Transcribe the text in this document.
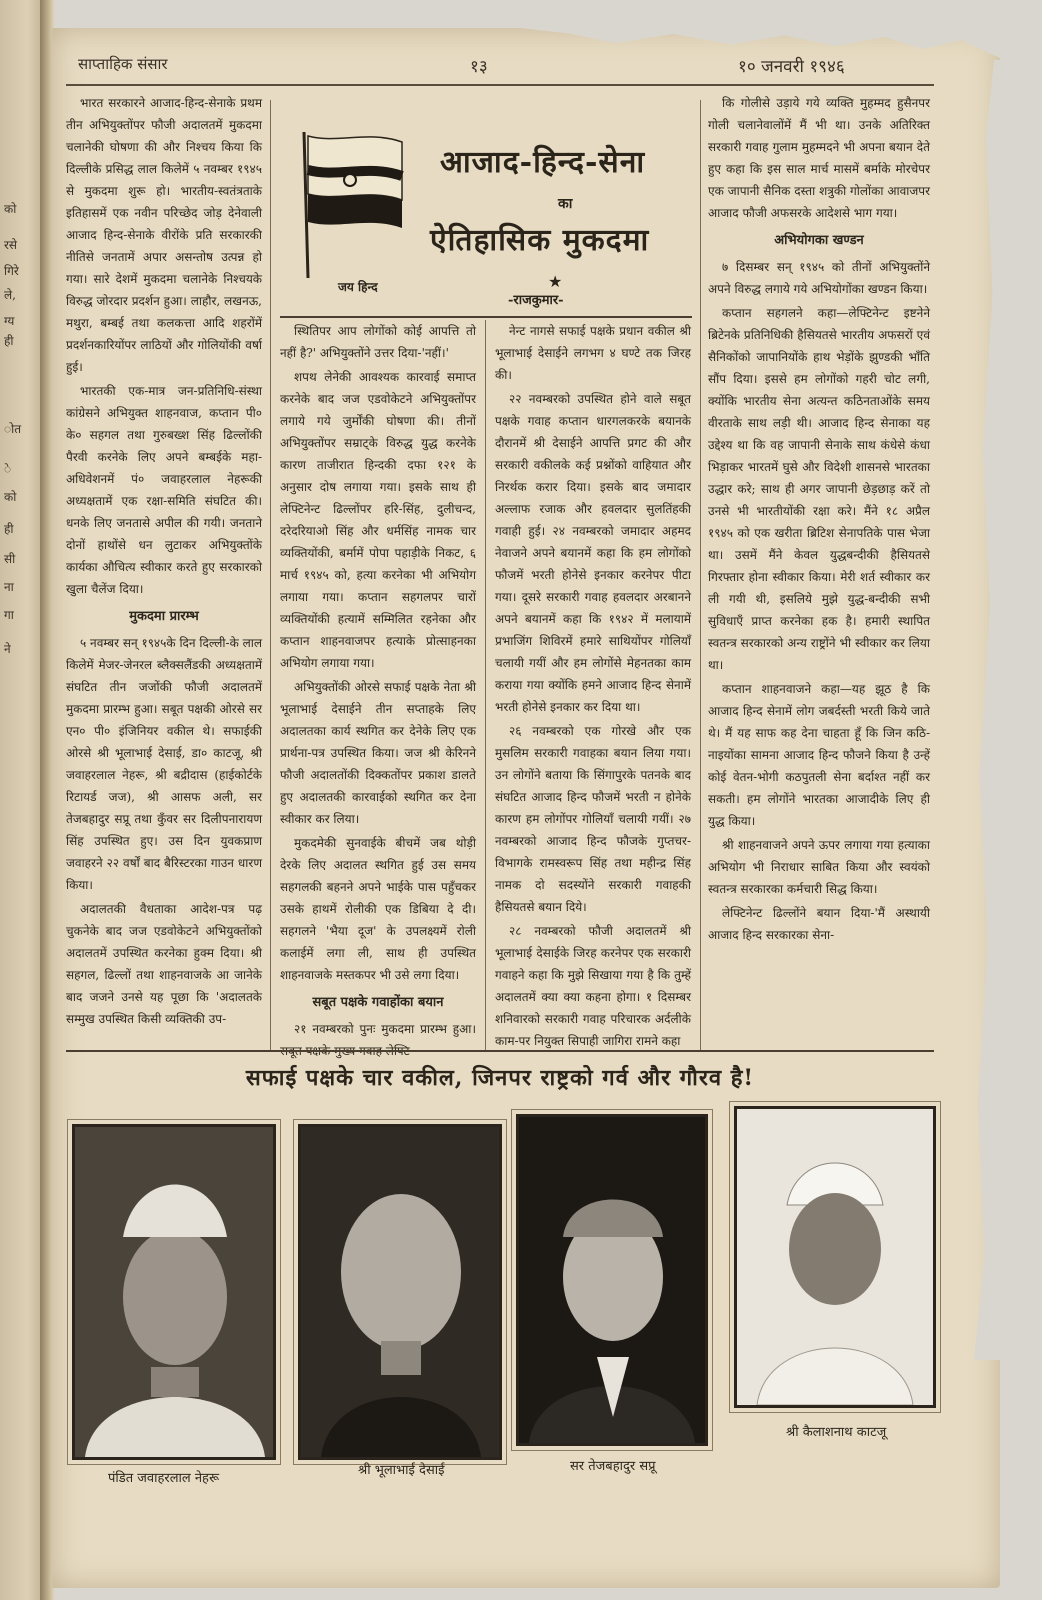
को
रसे
गिरे
ले,
ग्य
ही
ोत
े
को
ही
सी
ना
गा
ने
साप्ताहिक संसार	१३	१० जनवरी १९४६
जय हिन्द
आजाद-हिन्द-सेना
का
ऐतिहासिक मुकदमा
★
-राजकुमार-

भारत सरकारने आजाद-हिन्द-सेनाके प्रथम तीन अभियुक्तोंपर फौजी अदालतमें मुकदमा चलानेकी घोषणा की और निश्चय किया कि दिल्लीके प्रसिद्ध लाल किलेमें ५ नवम्बर १९४५ से मुकदमा शुरू हो। भारतीय-स्वतंत्रताके इतिहासमें एक नवीन परिच्छेद जोड़ देनेवाली आजाद हिन्द-सेनाके वीरोंके प्रति सरकारकी नीतिसे जनतामें अपार असन्तोष उत्पन्न हो गया। सारे देशमें मुकदमा चलानेके निश्चयके विरुद्ध जोरदार प्रदर्शन हुआ। लाहौर, लखनऊ, मथुरा, बम्बई तथा कलकत्ता आदि शहरोंमें प्रदर्शनकारियोंपर लाठियों और गोलियोंकी वर्षा हुई।

भारतकी एक-मात्र जन-प्रतिनिधि-संस्था कांग्रेसने अभियुक्त शाहनवाज, कप्तान पी० के० सहगल तथा गुरुबख्श सिंह ढिल्लोंकी पैरवी करनेके लिए अपने बम्बईके महा-अधिवेशनमें पं० जवाहरलाल नेहरूकी अध्यक्षतामें एक रक्षा-समिति संघटित की। धनके लिए जनतासे अपील की गयी। जनताने दोनों हाथोंसे धन लुटाकर अभियुक्तोंके कार्यका औचित्य स्वीकार करते हुए सरकारको खुला चैलेंज दिया।

मुकदमा प्रारम्भ

५ नवम्बर सन् १९४५के दिन दिल्ली-के लाल किलेमें मेजर-जेनरल ब्लैक्सलैंडकी अध्यक्षतामें संघटित तीन जजोंकी फौजी अदालतमें मुकदमा प्रारम्भ हुआ। सबूत पक्षकी ओरसे सर एन० पी० इंजिनियर वकील थे। सफाईकी ओरसे श्री भूलाभाई देसाई, डा० काटजू, श्री जवाहरलाल नेहरू, श्री बद्रीदास (हाईकोर्टके रिटायर्ड जज), श्री आसफ अली, सर तेजबहादुर सप्रू तथा कुँवर सर दिलीपनारायण सिंह उपस्थित हुए। उस दिन युवकप्राण जवाहरने २२ वर्षों बाद बैरिस्टरका गाउन धारण किया।

अदालतकी वैधताका आदेश-पत्र पढ़ चुकनेके बाद जज एडवोकेटने अभियुक्तोंको अदालतमें उपस्थित करनेका हुक्म दिया। श्री सहगल, ढिल्लों तथा शाहनवाजके आ जानेके बाद जजने उनसे यह पूछा कि 'अदालतके सम्मुख उपस्थित किसी व्यक्तिकी उप-

स्थितिपर आप लोगोंको कोई आपत्ति तो नहीं है?' अभियुक्तोंने उत्तर दिया-'नहीं।'

शपथ लेनेकी आवश्यक कारवाई समाप्त करनेके बाद जज एडवोकेटने अभियुक्तोंपर लगाये गये जुर्मोंकी घोषणा की। तीनों अभियुक्तोंपर सम्राट्के विरुद्ध युद्ध करनेके कारण ताजीरात हिन्दकी दफा १२१ के अनुसार दोष लगाया गया। इसके साथ ही लेफ्टिनेन्ट ढिल्लोंपर हरि-सिंह, दुलीचन्द, दरेदरियाओ सिंह और धर्मसिंह नामक चार व्यक्तियोंकी, बर्मामें पोपा पहाड़ीके निकट, ६ मार्च १९४५ को, हत्या करनेका भी अभियोग लगाया गया। कप्तान सहगलपर चारों व्यक्तियोंकी हत्यामें सम्मिलित रहनेका और कप्तान शाहनवाजपर हत्याके प्रोत्साहनका अभियोग लगाया गया।

अभियुक्तोंकी ओरसे सफाई पक्षके नेता श्री भूलाभाई देसाईने तीन सप्ताहके लिए अदालतका कार्य स्थगित कर देनेके लिए एक प्रार्थना-पत्र उपस्थित किया। जज श्री केरिनने फौजी अदालतोंकी दिक्कतोंपर प्रकाश डालते हुए अदालतकी कारवाईको स्थगित कर देना स्वीकार कर लिया।

मुकदमेकी सुनवाईके बीचमें जब थोड़ी देरके लिए अदालत स्थगित हुई उस समय सहगलकी बहनने अपने भाईके पास पहुँचकर उसके हाथमें रोलीकी एक डिबिया दे दी। सहगलने 'भैया दूज' के उपलक्ष्यमें रोली कलाईमें लगा ली, साथ ही उपस्थित शाहनवाजके मस्तकपर भी उसे लगा दिया।

सबूत पक्षके गवाहोंका बयान

२१ नवम्बरको पुनः मुकदमा प्रारम्भ हुआ।

नेन्ट नागसे सफाई पक्षके प्रधान वकील श्री भूलाभाई देसाईने लगभग ४ घण्टे तक जिरह की।

२२ नवम्बरको उपस्थित होने वाले सबूत पक्षके गवाह कप्तान धारगलकरके बयानके दौरानमें श्री देसाईने आपत्ति प्रगट की और सरकारी वकीलके कई प्रश्नोंको वाहियात और निरर्थक करार दिया। इसके बाद जमादार अल्लाफ रजाक और हवलदार सुलतिंहकी गवाही हुई। २४ नवम्बरको जमादार अहमद नेवाजने अपने बयानमें कहा कि हम लोगोंको फौजमें भरती होनेसे इनकार करनेपर पीटा गया। दूसरे सरकारी गवाह हवलदार अरबानने अपने बयानमें कहा कि १९४२ में मलायामें प्रभाजिंग शिविरमें हमारे साथियोंपर गोलियाँ चलायी गयीं और हम लोगोंसे मेहनतका काम कराया गया क्योंकि हमने आजाद हिन्द सेनामें भरती होनेसे इनकार कर दिया था।

२६ नवम्बरको एक गोरखे और एक मुसलिम सरकारी गवाहका बयान लिया गया। उन लोगोंने बताया कि सिंगापुरके पतनके बाद संघटित आजाद हिन्द फौजमें भरती न होनेके कारण हम लोगोंपर गोलियाँ चलायी गयीं। २७ नवम्बरको आजाद हिन्द फौजके गुप्तचर-विभागके रामस्वरूप सिंह तथा महीन्द्र सिंह नामक दो सदस्योंने सरकारी गवाहकी हैसियतसे बयान दिये।

२८ नवम्बरको फौजी अदालतमें श्री भूलाभाई देसाईके जिरह करनेपर एक सरकारी गवाहने कहा कि मुझे सिखाया गया है कि तुम्हें अदालतमें क्या क्या कहना होगा। १ दिसम्बर शनिवारको सरकारी गवाह परिचारक अर्दलीके काम-पर नियुक्त सिपाही जागिरा रामने कहा

कि गोलीसे उड़ाये गये व्यक्ति मुहम्मद हुसैनपर गोली चलानेवालोंमें मैं भी था। उनके अतिरिक्त सरकारी गवाह गुलाम मुहम्मदने भी अपना बयान देते हुए कहा कि इस साल मार्च मासमें बर्माके मोरचेपर एक जापानी सैनिक दस्ता शत्रुकी गोलोंका आवाजपर आजाद फौजी अफसरके आदेशसे भाग गया।

अभियोगका खण्डन

७ दिसम्बर सन् १९४५ को तीनों अभियुक्तोंने अपने विरुद्ध लगाये गये अभियोगोंका खण्डन किया।

कप्तान सहगलने कहा—लेफ्टिनेन्ट इष्टनेने ब्रिटेनके प्रतिनिधिकी हैसियतसे भारतीय अफसरों एवं सैनिकोंको जापानियोंके हाथ भेड़ोंके झुण्डकी भाँति सौंप दिया। इससे हम लोगोंको गहरी चोट लगी, क्योंकि भारतीय सेना अत्यन्त कठिनताओंके समय वीरताके साथ लड़ी थी। आजाद हिन्द सेनाका यह उद्देश्य था कि वह जापानी सेनाके साथ कंधेसे कंधा भिड़ाकर भारतमें घुसे और विदेशी शासनसे भारतका उद्धार करे; साथ ही अगर जापानी छेड़छाड़ करें तो उनसे भी भारतीयोंकी रक्षा करे। मैंने १८ अप्रैल १९४५ को एक खरीता ब्रिटिश सेनापतिके पास भेजा था। उसमें मैंने केवल युद्धबन्दीकी हैसियतसे गिरफ्तार होना स्वीकार किया। मेरी शर्त स्वीकार कर ली गयी थी, इसलिये मुझे युद्ध-बन्दीकी सभी सुविधाएँ प्राप्त करनेका हक है। हमारी स्थापित स्वतन्त्र सरकारको अन्य राष्ट्रोंने भी स्वीकार कर लिया था।

कप्तान शाहनवाजने कहा—यह झूठ है कि आजाद हिन्द सेनामें लोग जबर्दस्ती भरती किये जाते थे। मैं यह साफ कह देना चाहता हूँ कि जिन कठि-नाइयोंका सामना आजाद हिन्द फौजने किया है उन्हें कोई वेतन-भोगी कठपुतली सेना बर्दाश्त नहीं कर सकती। हम लोगोंने भारतका आजादीके लिए ही युद्ध किया।

श्री शाहनवाजने अपने ऊपर लगाया गया हत्याका अभियोग भी निराधार साबित किया और स्वयंको स्वतन्त्र सरकारका कर्मचारी सिद्ध किया।

लेफ्टिनेन्ट ढिल्लोंने बयान दिया-'मैं अस्थायी आजाद हिन्द सरकारका सेना-

सफाई पक्षके चार वकील, जिनपर राष्ट्रको गर्व और गौरव है!
पंडित जवाहरलाल नेहरू
श्री भूलाभाई देसाई	सर तेजबहादुर सप्रू
श्री कैलाशनाथ काटजू
